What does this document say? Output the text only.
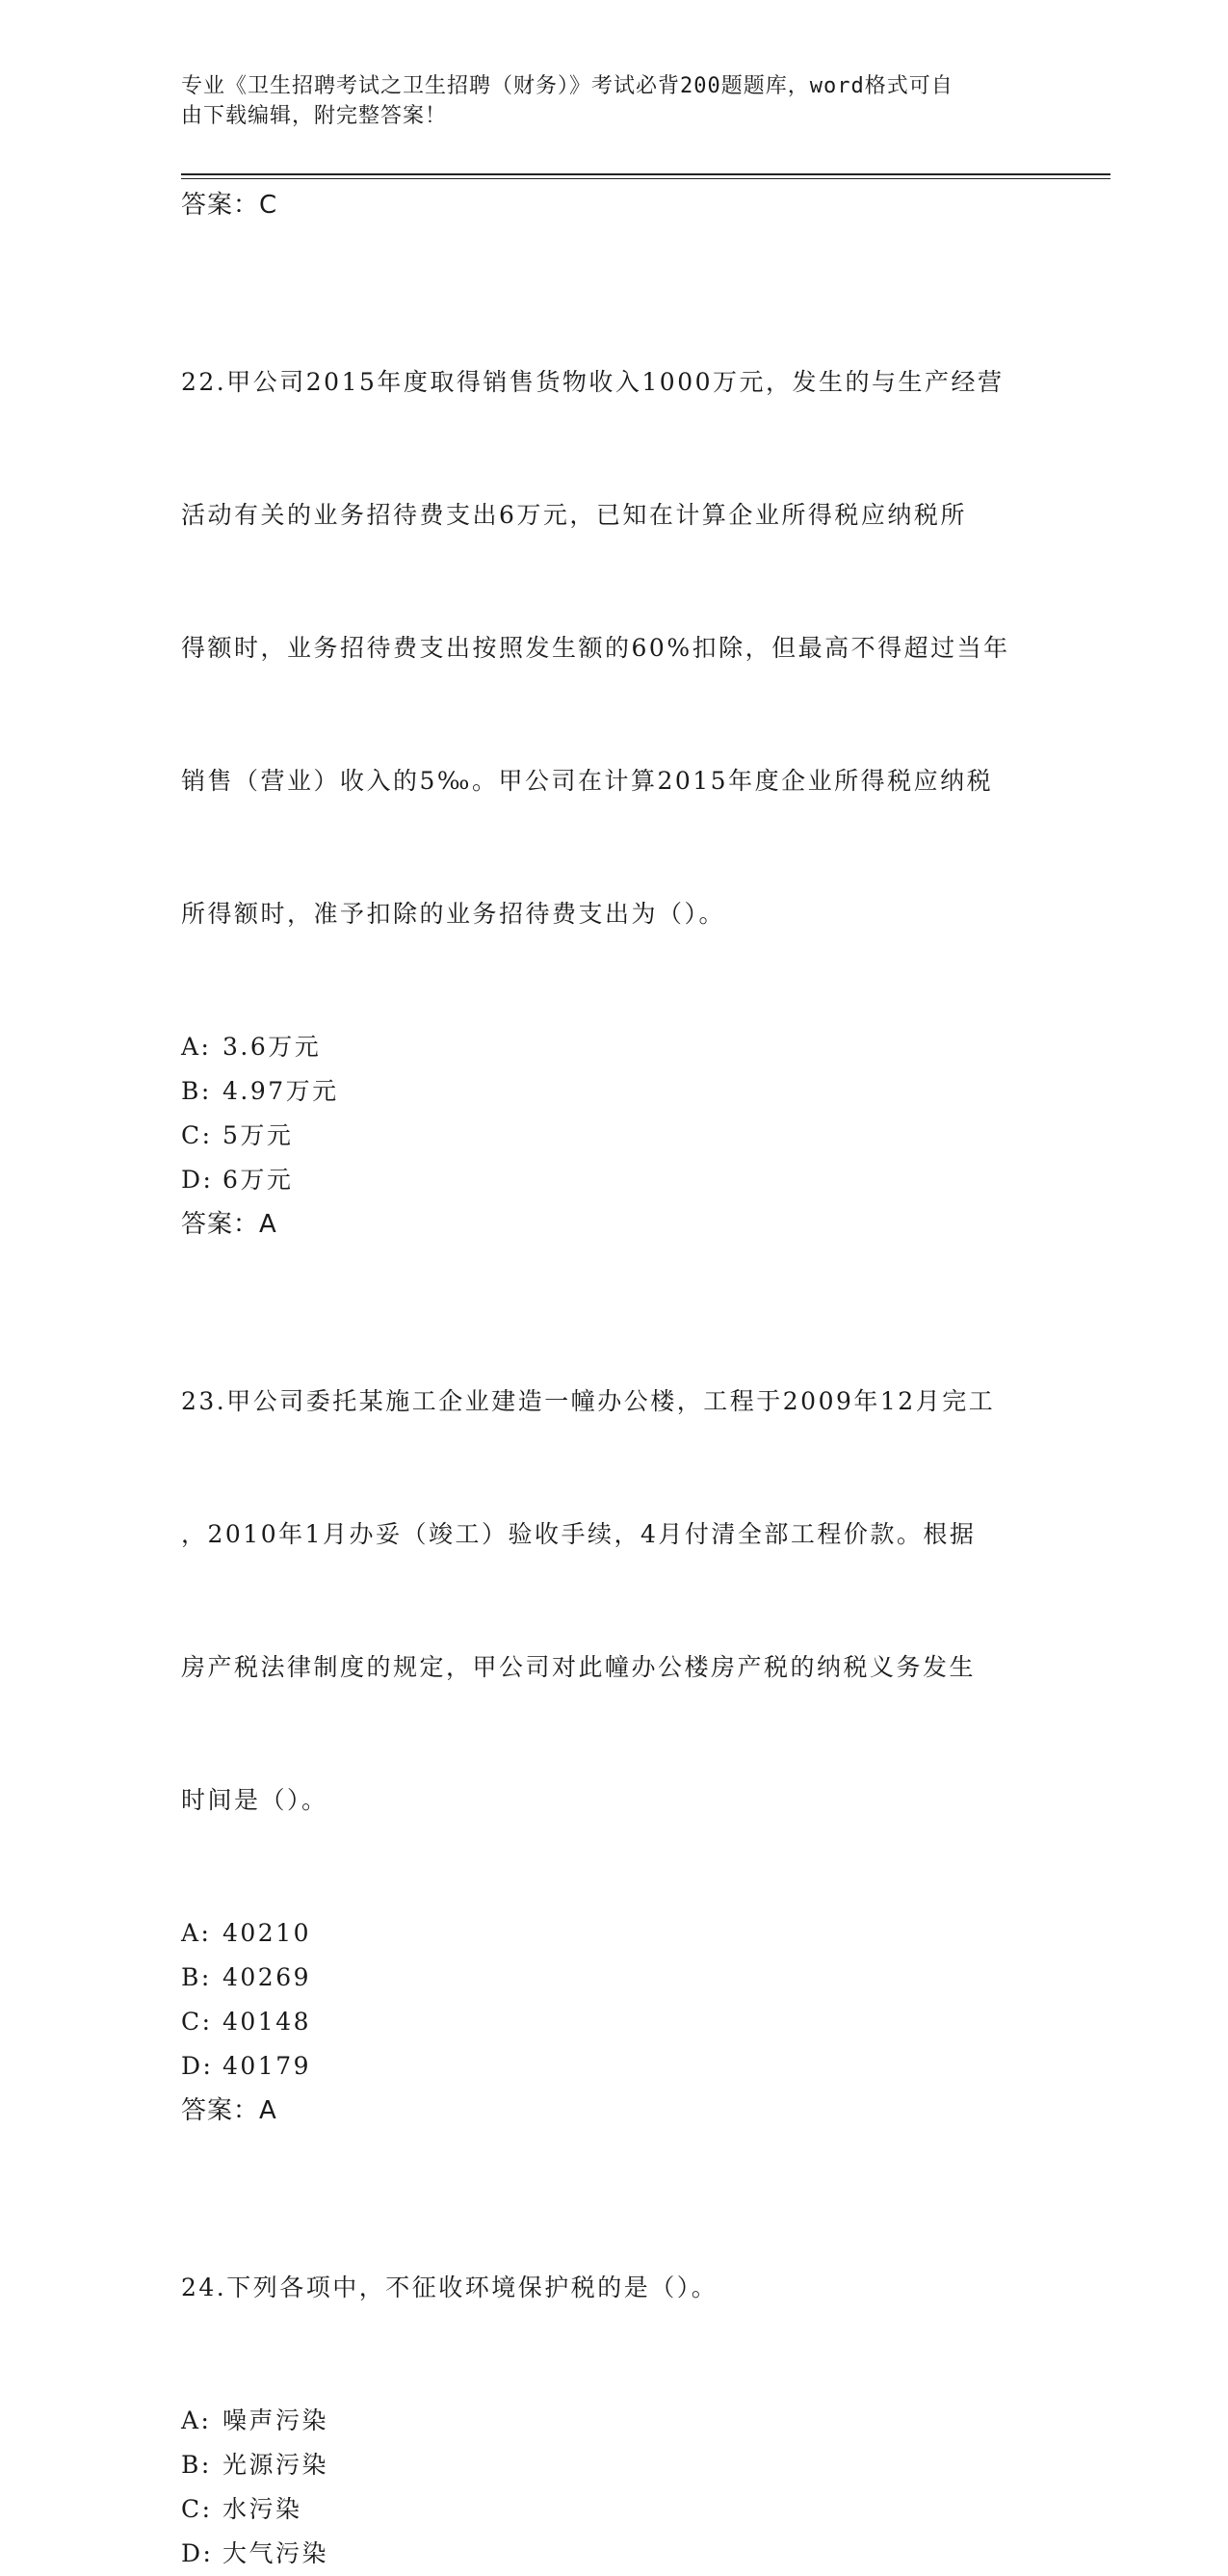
专业《卫生招聘考试之卫生招聘（财务）》考试必背200题题库，word格式可自
由下载编辑，附完整答案！
答案：C

22.甲公司2015年度取得销售货物收入1000万元，发生的与生产经营

活动有关的业务招待费支出6万元，已知在计算企业所得税应纳税所

得额时，业务招待费支出按照发生额的60%扣除，但最高不得超过当年

销售（营业）收入的5‰。甲公司在计算2015年度企业所得税应纳税

所得额时，准予扣除的业务招待费支出为（）。

A: 3.6万元
B: 4.97万元
C: 5万元
D: 6万元
答案：A

23.甲公司委托某施工企业建造一幢办公楼，工程于2009年12月完工

，2010年1月办妥（竣工）验收手续，4月付清全部工程价款。根据

房产税法律制度的规定，甲公司对此幢办公楼房产税的纳税义务发生

时间是（）。

A: 40210
B: 40269
C: 40148
D: 40179
答案：A

24.下列各项中，不征收环境保护税的是（）。

A: 噪声污染
B: 光源污染
C: 水污染
D: 大气污染
